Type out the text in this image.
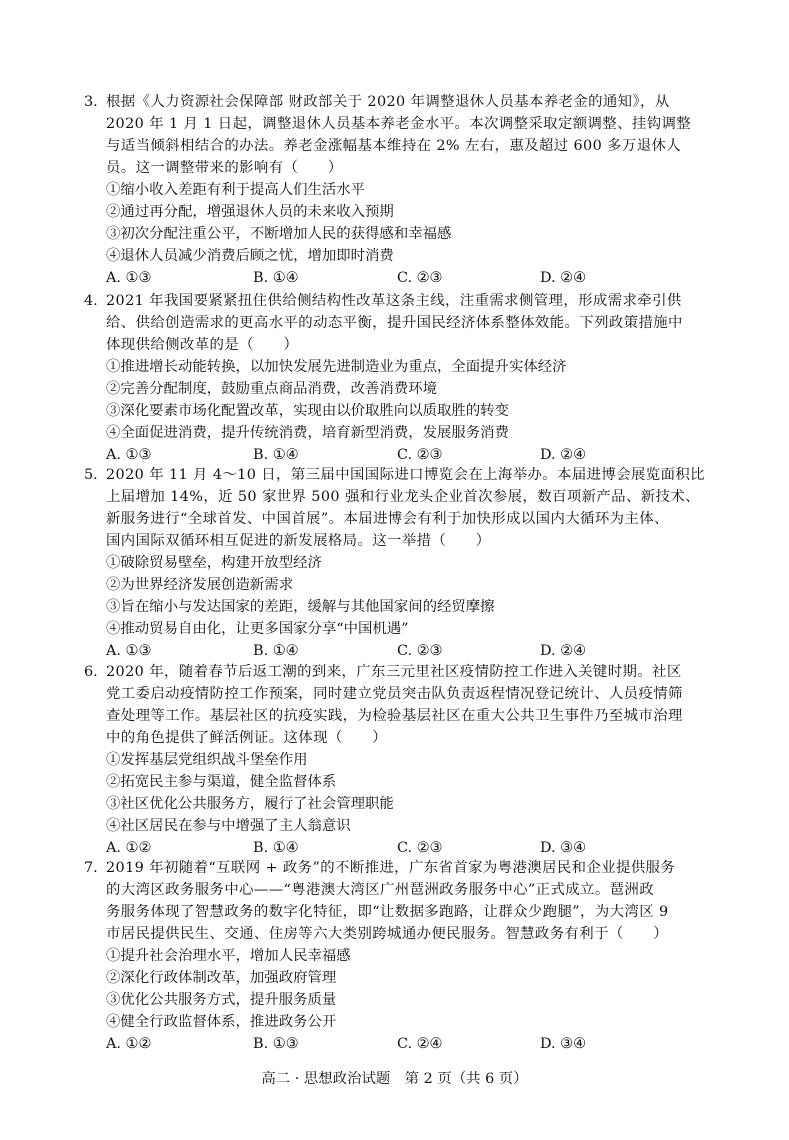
3. 根据《人力资源社会保障部 财政部关于 2020 年调整退休人员基本养老金的通知》，从
2020 年 1 月 1 日起，调整退休人员基本养老金水平。本次调整采取定额调整、挂钩调整
与适当倾斜相结合的办法。养老金涨幅基本维持在 2% 左右，惠及超过 600 多万退休人
员。这一调整带来的影响有（　　）
①缩小收入差距有利于提高人们生活水平
②通过再分配，增强退休人员的未来收入预期
③初次分配注重公平，不断增加人民的获得感和幸福感
④退休人员减少消费后顾之忧，增加即时消费
A. ①③	B. ①④	C. ②③	D. ②④
4. 2021 年我国要紧紧扭住供给侧结构性改革这条主线，注重需求侧管理，形成需求牵引供
给、供给创造需求的更高水平的动态平衡，提升国民经济体系整体效能。下列政策措施中
体现供给侧改革的是（　　）
①推进增长动能转换，以加快发展先进制造业为重点，全面提升实体经济
②完善分配制度，鼓励重点商品消费，改善消费环境
③深化要素市场化配置改革，实现由以价取胜向以质取胜的转变
④全面促进消费，提升传统消费，培育新型消费，发展服务消费
A. ①③	B. ①④	C. ②③	D. ②④
5. 2020 年 11 月 4～10 日，第三届中国国际进口博览会在上海举办。本届进博会展览面积比
上届增加 14%，近 50 家世界 500 强和行业龙头企业首次参展，数百项新产品、新技术、
新服务进行“全球首发、中国首展”。本届进博会有利于加快形成以国内大循环为主体、
国内国际双循环相互促进的新发展格局。这一举措（　　）
①破除贸易壁垒，构建开放型经济
②为世界经济发展创造新需求
③旨在缩小与发达国家的差距，缓解与其他国家间的经贸摩擦
④推动贸易自由化，让更多国家分享“中国机遇”
A. ①③	B. ①④	C. ②③	D. ②④
6. 2020 年，随着春节后返工潮的到来，广东三元里社区疫情防控工作进入关键时期。社区
党工委启动疫情防控工作预案，同时建立党员突击队负责返程情况登记统计、人员疫情筛
查处理等工作。基层社区的抗疫实践，为检验基层社区在重大公共卫生事件乃至城市治理
中的角色提供了鲜活例证。这体现（　　）
①发挥基层党组织战斗堡垒作用
②拓宽民主参与渠道，健全监督体系
③社区优化公共服务方，履行了社会管理职能
④社区居民在参与中增强了主人翁意识
A. ①②	B. ①④	C. ②③	D. ③④
7. 2019 年初随着“互联网 + 政务”的不断推进，广东省首家为粤港澳居民和企业提供服务
的大湾区政务服务中心——“粤港澳大湾区广州琶洲政务服务中心”正式成立。琶洲政
务服务体现了智慧政务的数字化特征，即“让数据多跑路，让群众少跑腿”，为大湾区 9
市居民提供民生、交通、住房等六大类别跨城通办便民服务。智慧政务有利于（　　）
①提升社会治理水平，增加人民幸福感
②深化行政体制改革，加强政府管理
③优化公共服务方式，提升服务质量
④健全行政监督体系，推进政务公开
A. ①②	B. ①③	C. ②④	D. ③④
高二 · 思想政治试题　第 2 页（共 6 页）
